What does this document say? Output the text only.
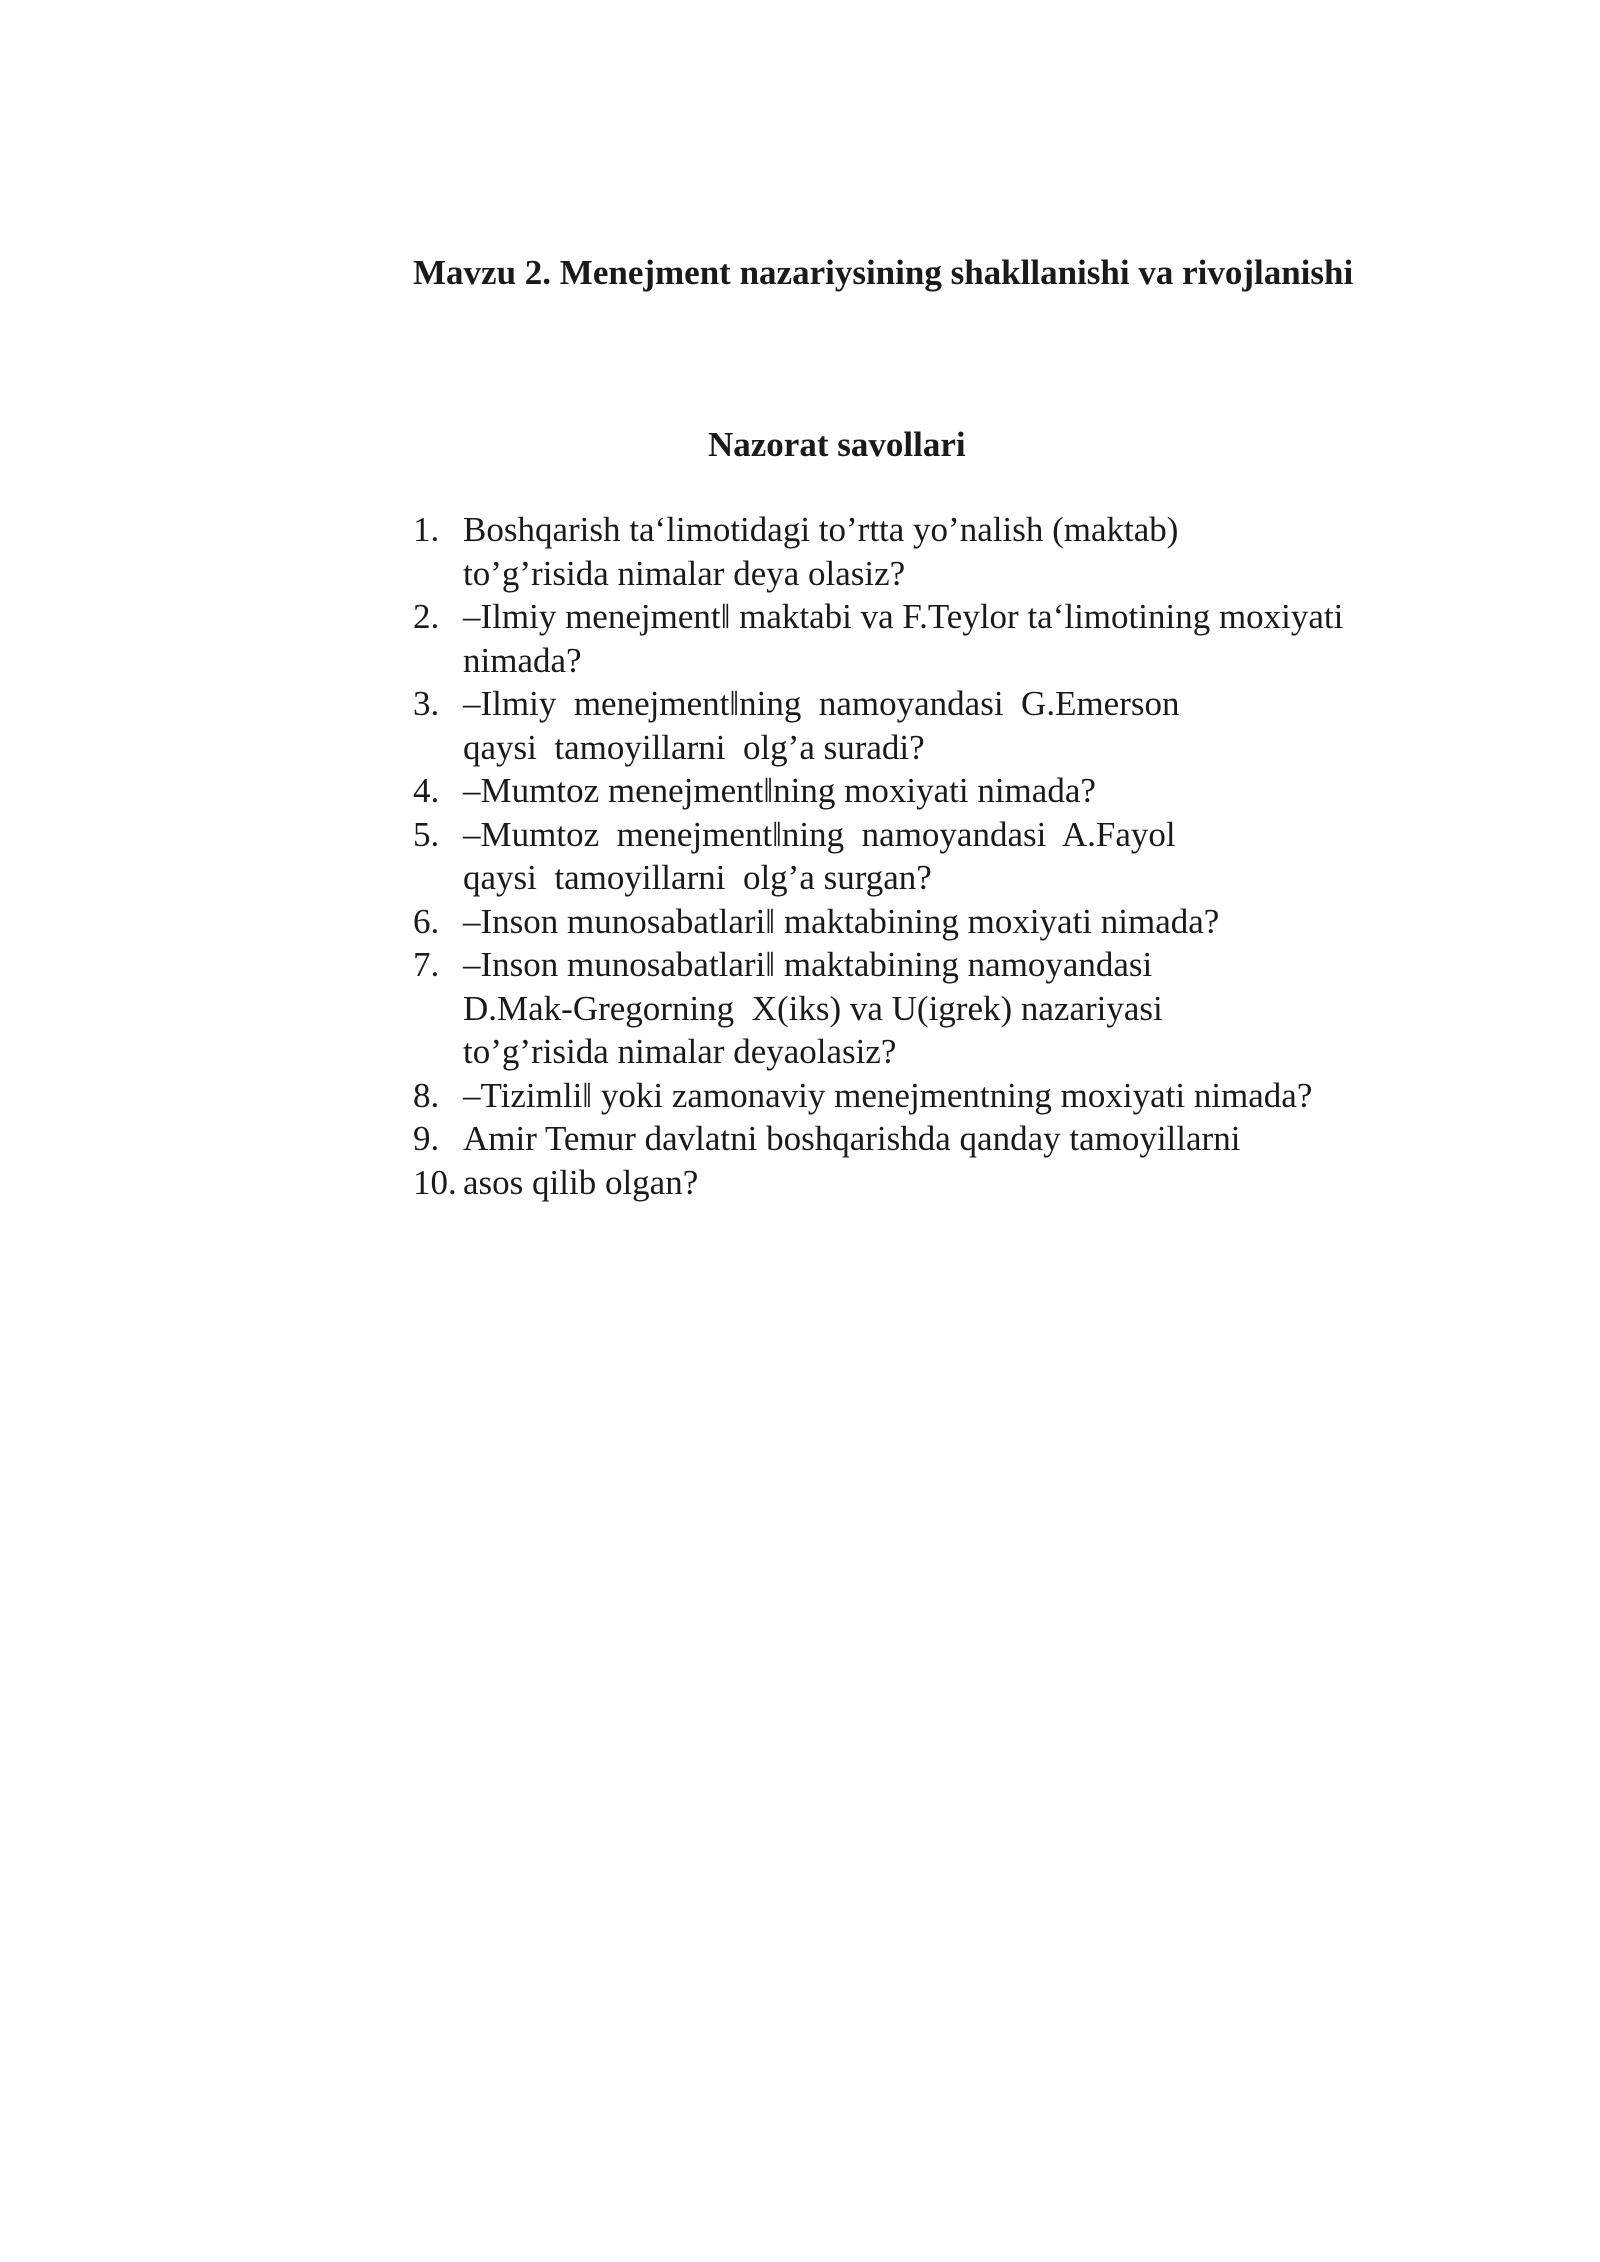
Mavzu 2. Menejment nazariysining shakllanishi va rivojlanishi
Nazorat savollari
1. Boshqarish ta‘limotidagi to’rtta yo’nalish (maktab)
to’g’risida nimalar deya olasiz?
2. –Ilmiy menejment‖ maktabi va F.Teylor ta‘limotining moxiyati
nimada?
3. –Ilmiy  menejment‖ning  namoyandasi  G.Emerson
qaysi  tamoyillarni  olg’a suradi?
4. –Mumtoz menejment‖ning moxiyati nimada?
5. –Mumtoz  menejment‖ning  namoyandasi  A.Fayol
qaysi  tamoyillarni  olg’a surgan?
6. –Inson munosabatlari‖ maktabining moxiyati nimada?
7. –Inson munosabatlari‖ maktabining namoyandasi
D.Mak-Gregorning  X(iks) va U(igrek) nazariyasi
to’g’risida nimalar deyaolasiz?
8. –Tizimli‖ yoki zamonaviy menejmentning moxiyati nimada?
9. Amir Temur davlatni boshqarishda qanday tamoyillarni
10. asos qilib olgan?
